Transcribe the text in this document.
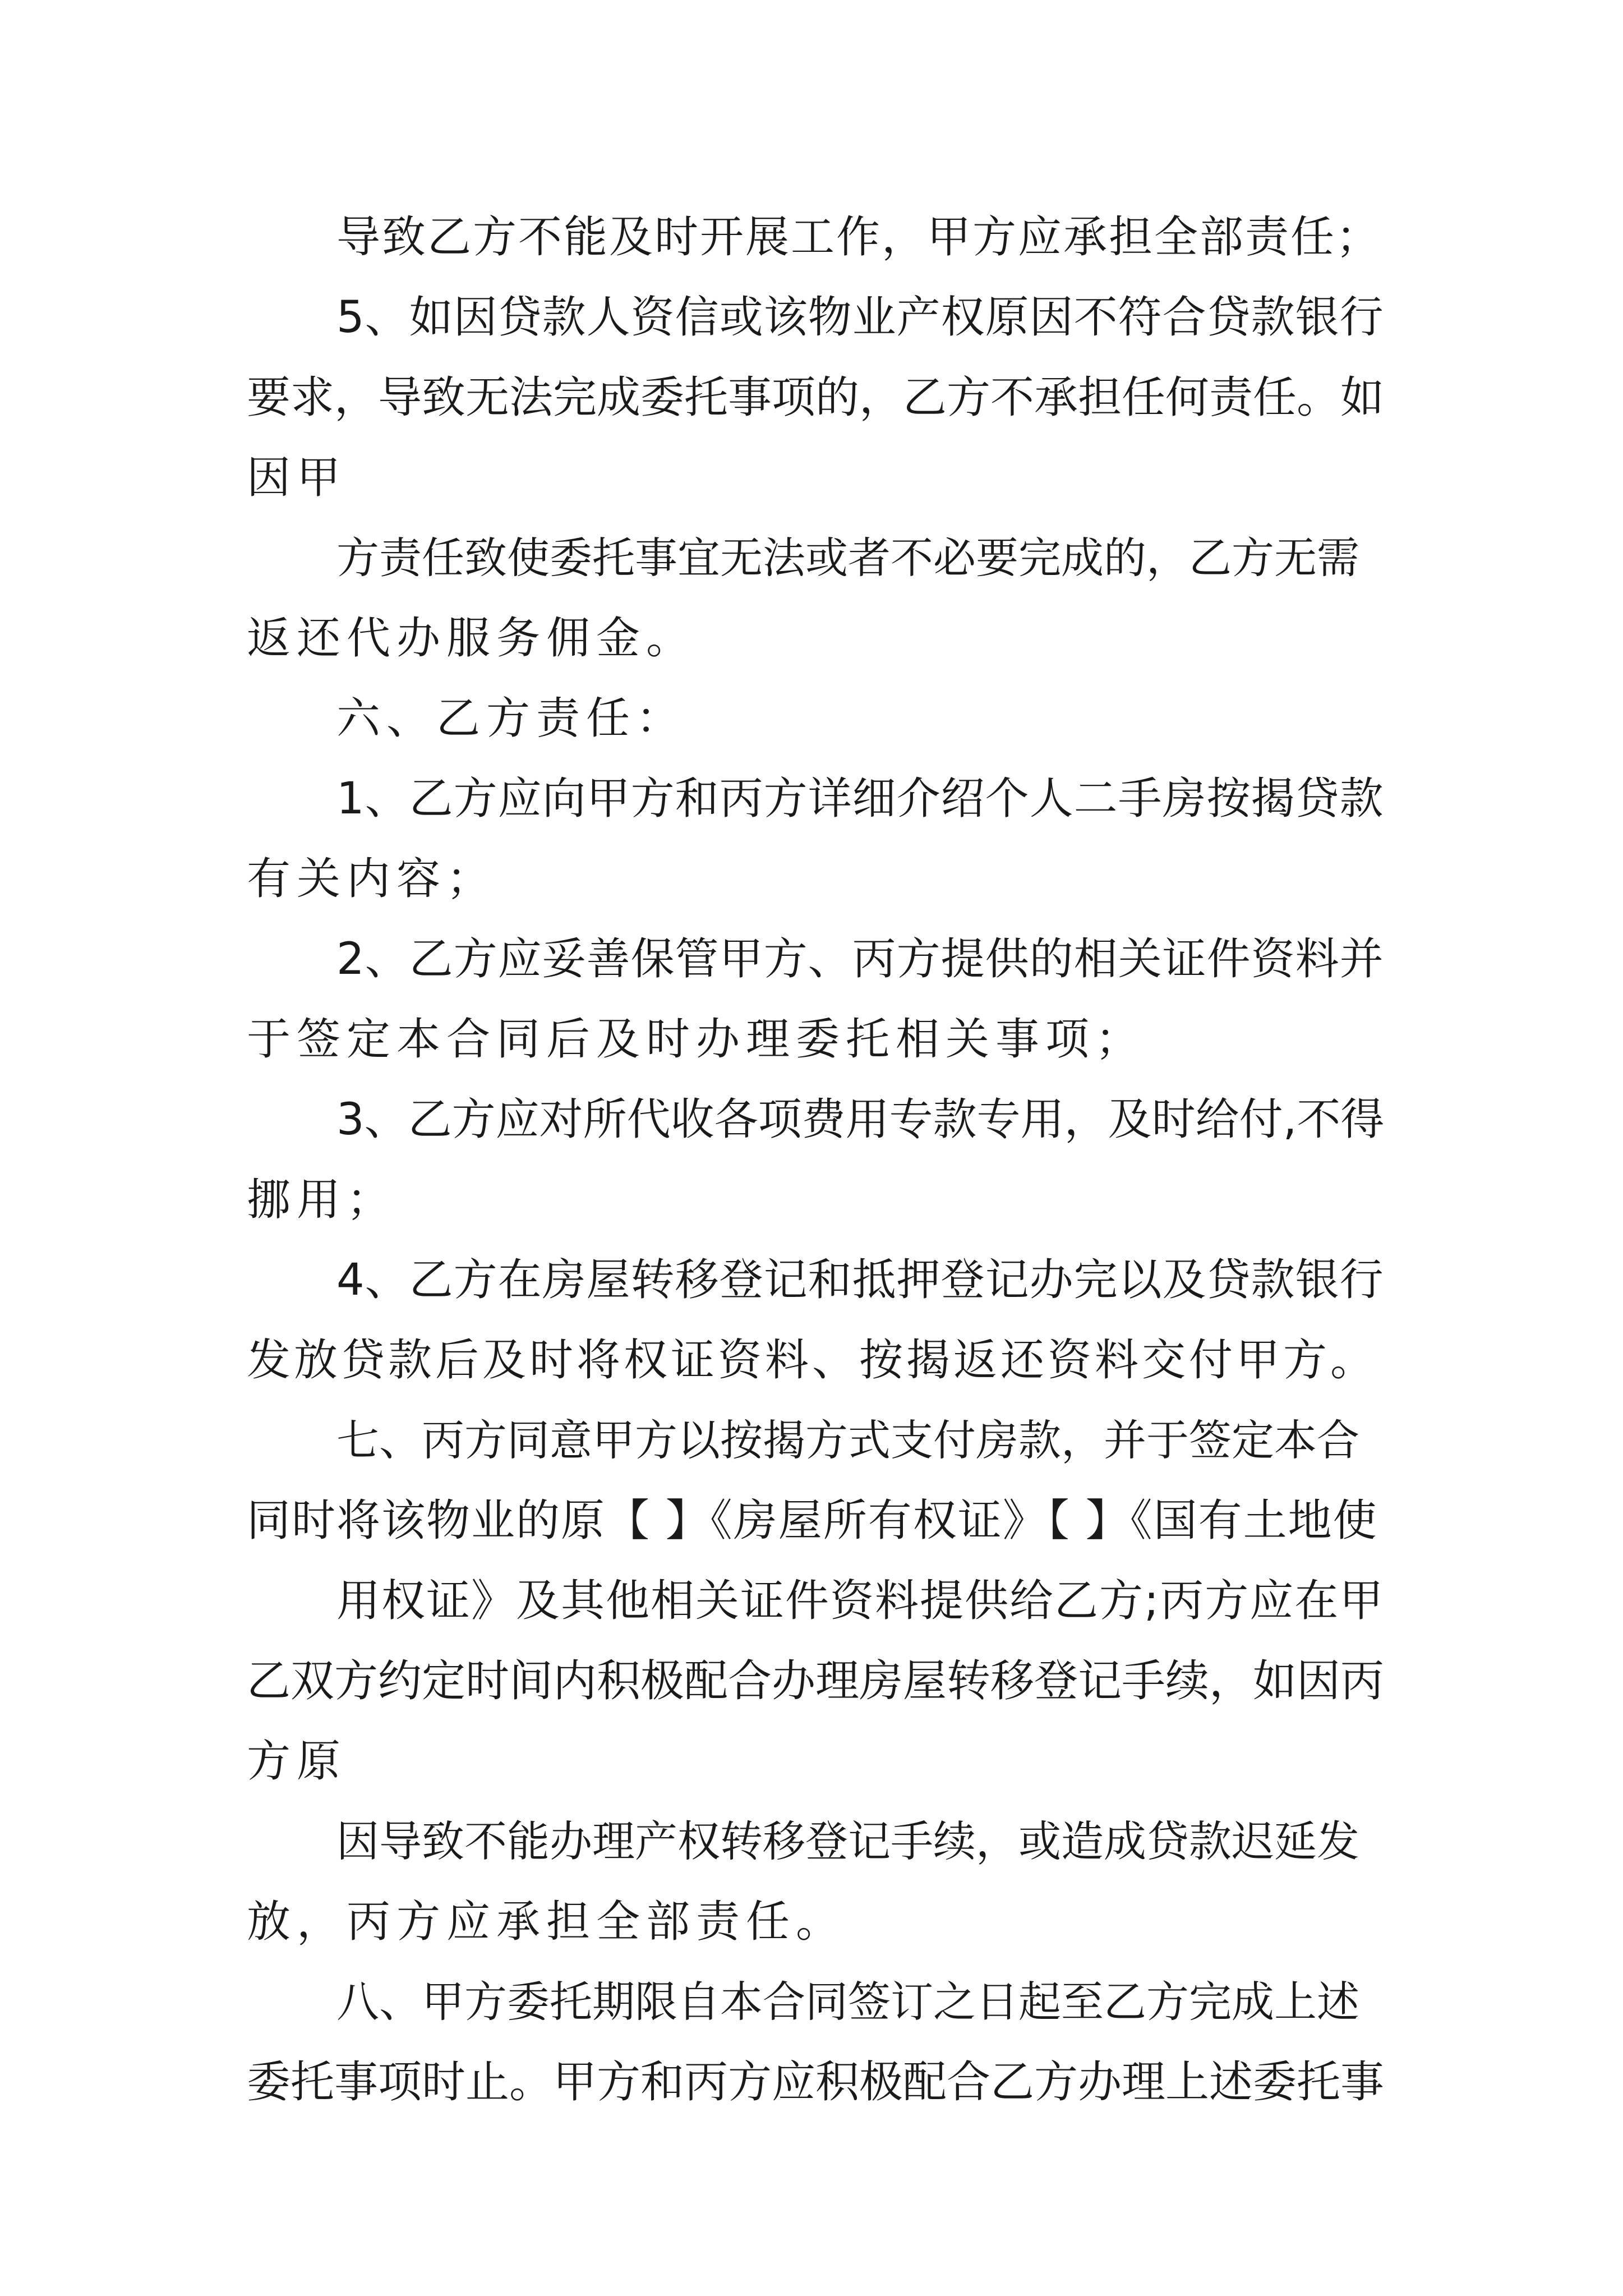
导致乙方不能及时开展工作，甲方应承担全部责任；
5、如因贷款人资信或该物业产权原因不符合贷款银行
要求，导致无法完成委托事项的，乙方不承担任何责任。如
因甲
方责任致使委托事宜无法或者不必要完成的，乙方无需
返还代办服务佣金。
六、乙方责任：
1、乙方应向甲方和丙方详细介绍个人二手房按揭贷款
有关内容；
2、乙方应妥善保管甲方、丙方提供的相关证件资料并
于签定本合同后及时办理委托相关事项；
3、乙方应对所代收各项费用专款专用，及时给付,不得
挪用；
4、乙方在房屋转移登记和抵押登记办完以及贷款银行
发放贷款后及时将权证资料、按揭返还资料交付甲方。
七、丙方同意甲方以按揭方式支付房款，并于签定本合
同时将该物业的原【 】《房屋所有权证》【 】《国有土地使
用权证》及其他相关证件资料提供给乙方;丙方应在甲
乙双方约定时间内积极配合办理房屋转移登记手续，如因丙
方原
因导致不能办理产权转移登记手续，或造成贷款迟延发
放，丙方应承担全部责任。
八、甲方委托期限自本合同签订之日起至乙方完成上述
委托事项时止。甲方和丙方应积极配合乙方办理上述委托事
